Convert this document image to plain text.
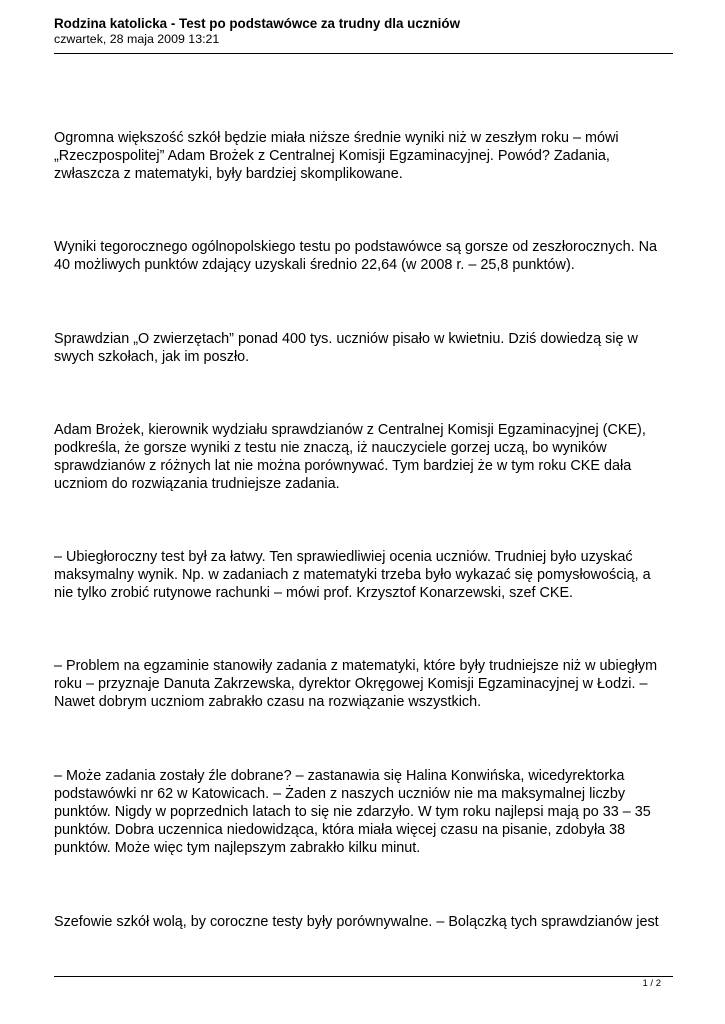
Rodzina katolicka - Test po podstawówce za trudny dla uczniów

czwartek, 28 maja 2009 13:21

Ogromna większość szkół będzie miała niższe średnie wyniki niż w zeszłym roku – mówi
„Rzeczpospolitej” Adam Brożek z Centralnej Komisji Egzaminacyjnej. Powód? Zadania,
zwłaszcza z matematyki, były bardziej skomplikowane.
Wyniki tegorocznego ogólnopolskiego testu po podstawówce są gorsze od zeszłorocznych. Na
40 możliwych punktów zdający uzyskali średnio 22,64 (w 2008 r. – 25,8 punktów).
Sprawdzian „O zwierzętach” ponad 400 tys. uczniów pisało w kwietniu. Dziś dowiedzą się w
swych szkołach, jak im poszło.
Adam Brożek, kierownik wydziału sprawdzianów z Centralnej Komisji Egzaminacyjnej (CKE),
podkreśla, że gorsze wyniki z testu nie znaczą, iż nauczyciele gorzej uczą, bo wyników
sprawdzianów z różnych lat nie można porównywać. Tym bardziej że w tym roku CKE dała
uczniom do rozwiązania trudniejsze zadania.
– Ubiegłoroczny test był za łatwy. Ten sprawiedliwiej ocenia uczniów. Trudniej było uzyskać
maksymalny wynik. Np. w zadaniach z matematyki trzeba było wykazać się pomysłowością, a
nie tylko zrobić rutynowe rachunki – mówi prof. Krzysztof Konarzewski, szef CKE.
– Problem na egzaminie stanowiły zadania z matematyki, które były trudniejsze niż w ubiegłym
roku – przyznaje Danuta Zakrzewska, dyrektor Okręgowej Komisji Egzaminacyjnej w Łodzi. –
Nawet dobrym uczniom zabrakło czasu na rozwiązanie wszystkich.
– Może zadania zostały źle dobrane? – zastanawia się Halina Konwińska, wicedyrektorka
podstawówki nr 62 w Katowicach. – Żaden z naszych uczniów nie ma maksymalnej liczby
punktów. Nigdy w poprzednich latach to się nie zdarzyło. W tym roku najlepsi mają po 33 – 35
punktów. Dobra uczennica niedowidząca, która miała więcej czasu na pisanie, zdobyła 38
punktów. Może więc tym najlepszym zabrakło kilku minut.
Szefowie szkół wolą, by coroczne testy były porównywalne. – Bolączką tych sprawdzianów jest
1 / 2
